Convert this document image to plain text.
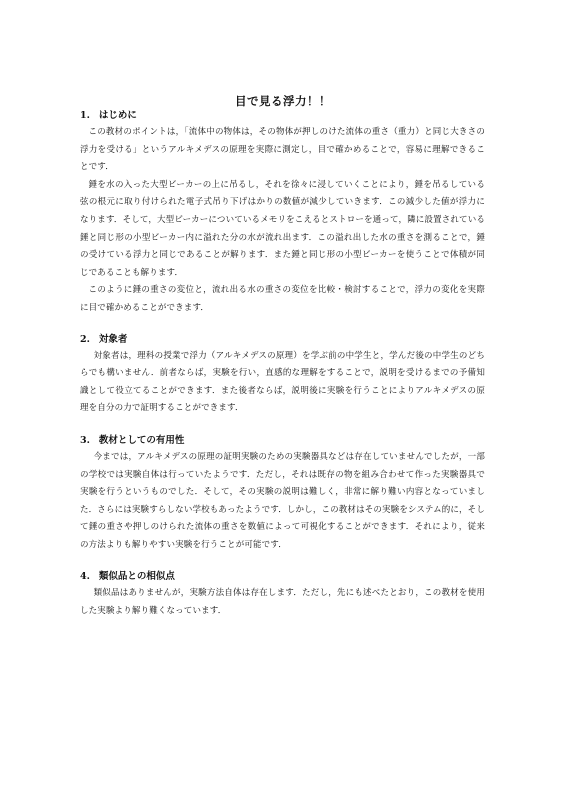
目で見る浮力！！
1. はじめに

この教材のポイントは，「流体中の物体は，その物体が押しのけた流体の重さ（重力）と同じ大きさの浮力を受ける」というアルキメデスの原理を実際に測定し，目で確かめることで，容易に理解できることです．

錘を水の入った大型ビーカーの上に吊るし，それを徐々に浸していくことにより，錘を吊るしている弦の根元に取り付けられた電子式吊り下げはかりの数値が減少していきます．この減少した値が浮力になります．そして，大型ビーカーについているメモリをこえるとストローを通って，隣に設置されている錘と同じ形の小型ビーカー内に溢れた分の水が流れ出ます．この溢れ出した水の重さを測ることで，錘の受けている浮力と同じであることが解ります．また錘と同じ形の小型ビーカーを使うことで体積が同じであることも解ります．

このように錘の重さの変位と，流れ出る水の重さの変位を比較・検討することで，浮力の変化を実際に目で確かめることができます．

2. 対象者

対象者は，理科の授業で浮力（アルキメデスの原理）を学ぶ前の中学生と，学んだ後の中学生のどちらでも構いません．前者ならば，実験を行い，直感的な理解をすることで，説明を受けるまでの予備知識として役立てることができます．また後者ならば，説明後に実験を行うことによりアルキメデスの原理を自分の力で証明することができます．

3. 教材としての有用性

今までは，アルキメデスの原理の証明実験のための実験器具などは存在していませんでしたが，一部の学校では実験自体は行っていたようです．ただし，それは既存の物を組み合わせて作った実験器具で実験を行うというものでした．そして，その実験の説明は難しく，非常に解り難い内容となっていました．さらには実験すらしない学校もあったようです．しかし，この教材はその実験をシステム的に，そして錘の重さや押しのけられた流体の重さを数値によって可視化することができます．それにより，従来の方法よりも解りやすい実験を行うことが可能です．

4. 類似品との相似点

類似品はありませんが，実験方法自体は存在します．ただし，先にも述べたとおり，この教材を使用した実験より解り難くなっています．
